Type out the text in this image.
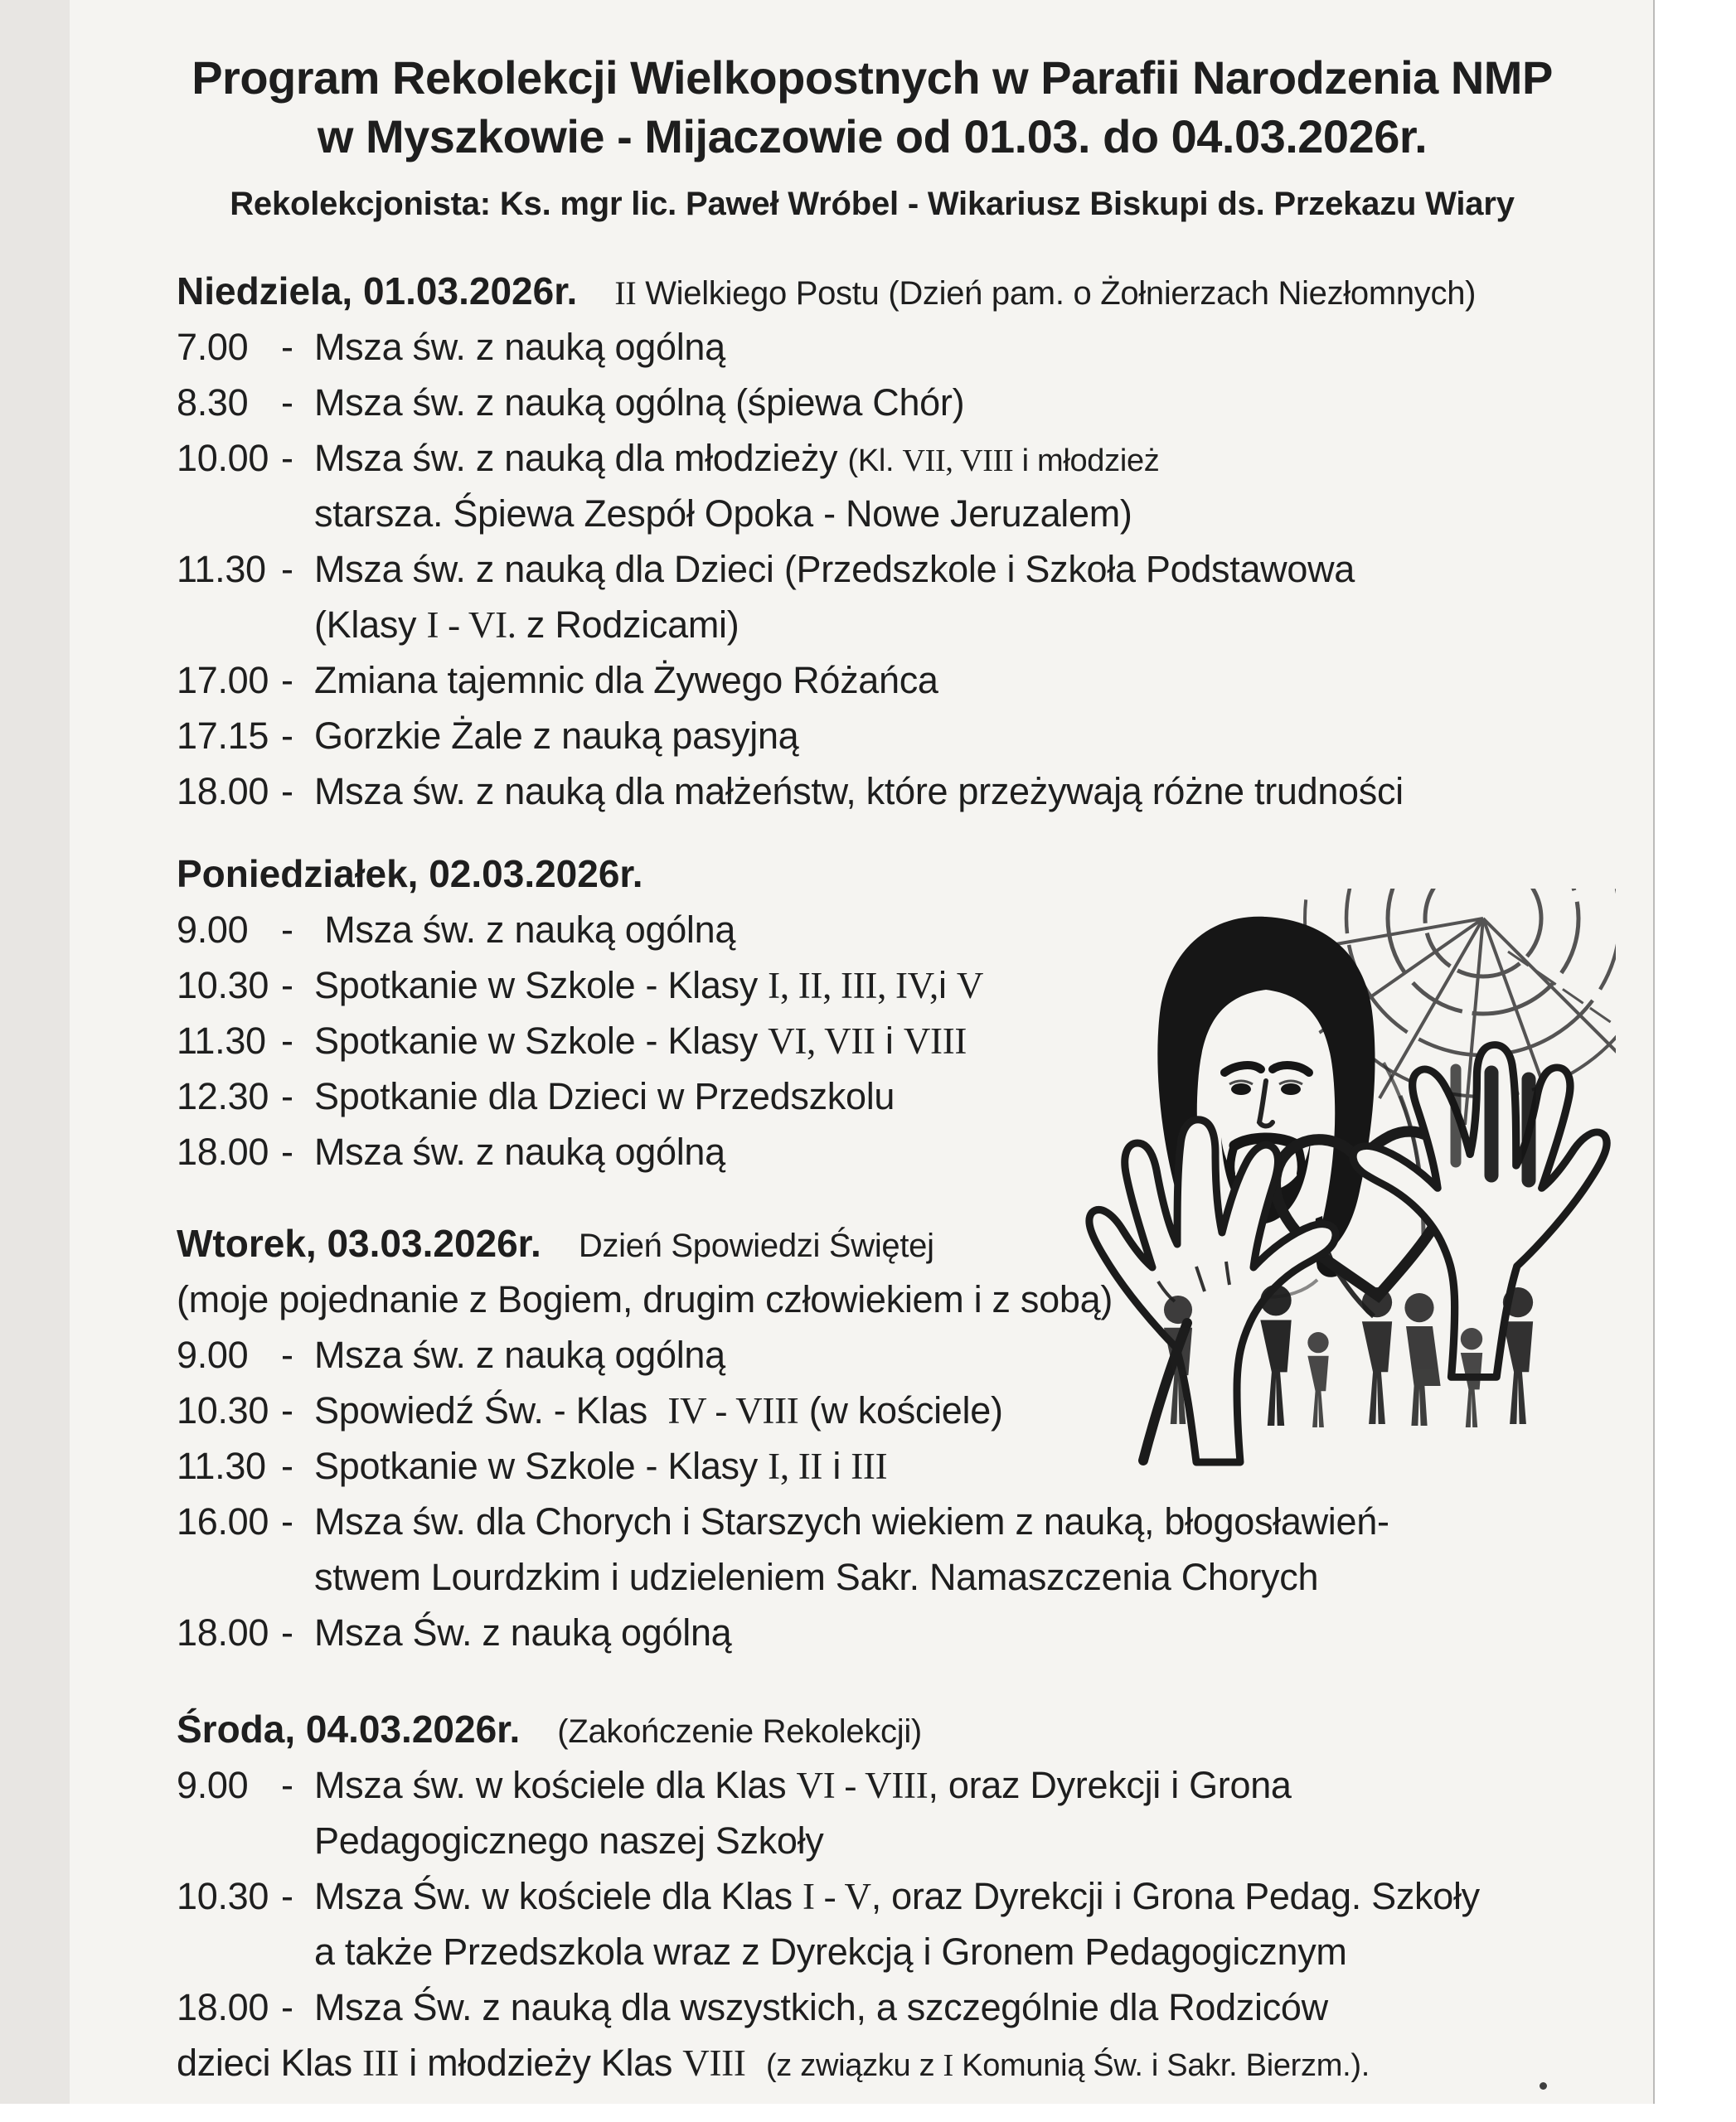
Program Rekolekcji Wielkopostnych w Parafii Narodzenia NMP
w Myszkowie - Mijaczowie od 01.03. do 04.03.2026r.
Rekolekcjonista: Ks. mgr lic. Paweł Wróbel - Wikariusz Biskupi ds. Przekazu Wiary
Niedziela, 01.03.2026r. II Wielkiego Postu (Dzień pam. o Żołnierzach Niezłomnych)
7.00 - Msza św. z nauką ogólną
8.30 - Msza św. z nauką ogólną (śpiewa Chór)
10.00 - Msza św. z nauką dla młodzieży (Kl. VII, VIII i młodzież
starsza. Śpiewa Zespół Opoka - Nowe Jeruzalem)
11.30 - Msza św. z nauką dla Dzieci (Przedszkole i Szkoła Podstawowa
(Klasy I - VI. z Rodzicami)
17.00 - Zmiana tajemnic dla Żywego Różańca
17.15 - Gorzkie Żale z nauką pasyjną
18.00 - Msza św. z nauką dla małżeństw, które przeżywają różne trudności
Poniedziałek, 02.03.2026r.
9.00 - Msza św. z nauką ogólną
10.30 - Spotkanie w Szkole - Klasy I, II, III, IV,i V
11.30 - Spotkanie w Szkole - Klasy VI, VII i VIII
12.30 - Spotkanie dla Dzieci w Przedszkolu
18.00 - Msza św. z nauką ogólną
Wtorek, 03.03.2026r. Dzień Spowiedzi Świętej
(moje pojednanie z Bogiem, drugim człowiekiem i z sobą)
9.00 - Msza św. z nauką ogólną
10.30 - Spowiedź Św. - Klas  IV - VIII (w kościele)
11.30 - Spotkanie w Szkole - Klasy I, II i III
16.00 - Msza św. dla Chorych i Starszych wiekiem z nauką, błogosławień-
stwem Lourdzkim i udzieleniem Sakr. Namaszczenia Chorych
18.00 - Msza Św. z nauką ogólną
Środa, 04.03.2026r. (Zakończenie Rekolekcji)
9.00 - Msza św. w kościele dla Klas VI - VIII, oraz Dyrekcji i Grona
Pedagogicznego naszej Szkoły
10.30 - Msza Św. w kościele dla Klas I - V, oraz Dyrekcji i Grona Pedag. Szkoły
a także Przedszkola wraz z Dyrekcją i Gronem Pedagogicznym
18.00 - Msza Św. z nauką dla wszystkich, a szczególnie dla Rodziców
dzieci Klas III i młodzieży Klas VIII (z związku z I Komunią Św. i Sakr. Bierzm.).
